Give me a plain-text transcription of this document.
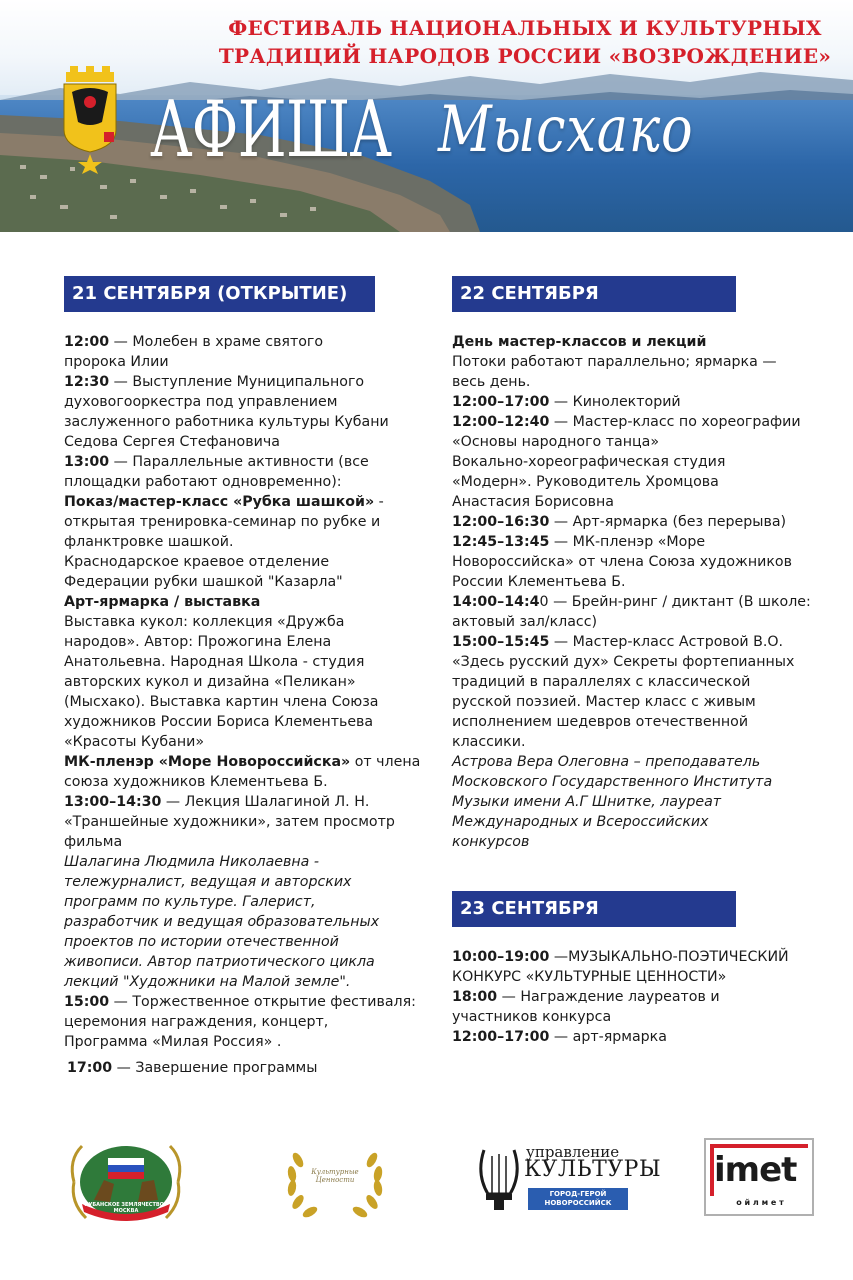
ФЕСТИВАЛЬ НАЦИОНАЛЬНЫХ И КУЛЬТУРНЫХ
ТРАДИЦИЙ НАРОДОВ РОССИИ «ВОЗРОЖДЕНИЕ»
АФИША Мысхако
21 СЕНТЯБРЯ (ОТКРЫТИЕ)

12:00 — Молебен в храме святого
пророка Илии

12:30 — Выступление Муниципального
духовогооркестра под управлением
заслуженного работника культуры Кубани
Седова Сергея Стефановича

13:00 — Параллельные активности (все
площадки работают одновременно):

Показ/мастер-класс «Рубка шашкой» -
открытая тренировка-семинар по рубке и
фланктровке шашкой.
Краснодарское краевое отделение
Федерации рубки шашкой "Казарла"

Арт-ярмарка / выставка
Выставка кукол: коллекция «Дружба
народов». Автор: Прожогина Елена
Анатольевна. Народная Школа - студия
авторских кукол и дизайна «Пеликан»
(Мысхако). Выставка картин члена Союза
художников России Бориса Клементьева
«Красоты Кубани»

МК-пленэр «Море Новороссийска» от члена
союза художников Клементьева Б.

13:00–14:30 — Лекция Шалагиной Л. Н.
«Траншейные художники», затем просмотр
фильма

Шалагина Людмила Николаевна -
тележурналист, ведущая и авторских
программ по культуре. Галерист,
разработчик и ведущая образовательных
проектов по истории отечественной
живописи. Автор патриотического цикла
лекций "Художники на Малой земле".

15:00 — Торжественное открытие фестиваля:
церемония награждения, концерт,
Программа «Милая Россия» .

17:00 — Завершение программы

22 СЕНТЯБРЯ

День мастер-классов и лекций
Потоки работают параллельно; ярмарка —
весь день.

12:00–17:00 — Кинолекторий

12:00–12:40 — Мастер-класс по хореографии
«Основы народного танца»
Вокально-хореографическая студия
«Модерн». Руководитель Хромцова
Анастасия Борисовна

12:00–16:30 — Арт-ярмарка (без перерыва)

12:45–13:45 — МК-пленэр «Море
Новороссийска» от члена Союза художников
России Клементьева Б.

14:00–14:40 — Брейн-ринг / диктант (В школе:
актовый зал/класс)

15:00–15:45 — Мастер-класс Астровой В.О.
«Здесь русский дух» Секреты фортепианных
традиций в параллелях с классической
русской поэзией. Мастер класс с живым
исполнением шедевров отечественной
классики.

Астрова Вера Олеговна – преподаватель
Московского Государственного Института
Музыки имени А.Г Шнитке, лауреат
Международных и Всероссийских
конкурсов

23 СЕНТЯБРЯ

10:00–19:00 —МУЗЫКАЛЬНО-ПОЭТИЧЕСКИЙ
КОНКУРС «КУЛЬТУРНЫЕ ЦЕННОСТИ»

18:00 — Награждение лауреатов и
участников конкурса

12:00–17:00 — арт-ярмарка

КУБАНСКОЕ ЗЕМЛЯЧЕСТВО · МОСКВА
Культурные Ценности
управление
КУЛЬТУРЫ
ГОРОД-ГЕРОЙ НОВОРОССИЙСК
imet
о й л м е т
